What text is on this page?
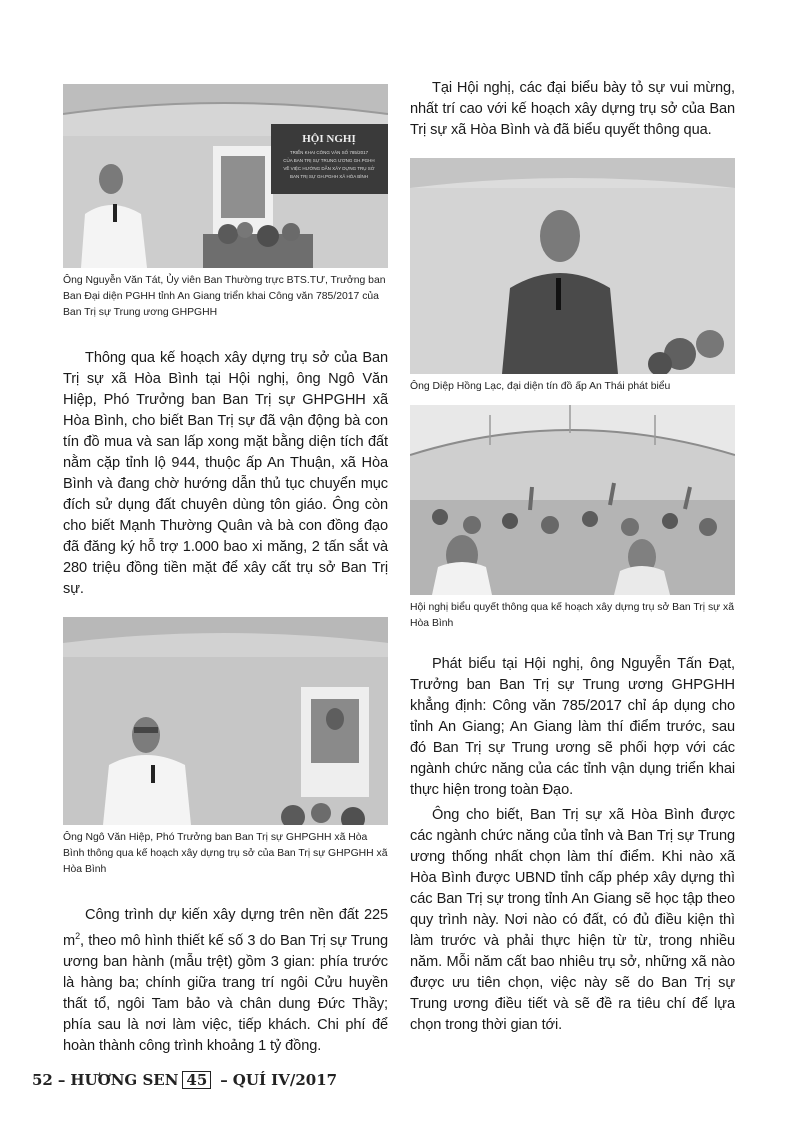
HỘI NGHỊ
TRIỂN KHAI CÔNG VĂN SỐ 785/2017
CỦA BAN TRỊ SỰ TRUNG ƯƠNG GH.PGHH
VỀ VIỆC HƯỚNG DẪN XÂY DỰNG TRỤ SỞ
BAN TRỊ SỰ GH.PGHH XÃ HÒA BÌNH

Ông Nguyễn Văn Tát, Ủy viên Ban Thường trực BTS.TƯ, Trưởng ban Ban Đại diện PGHH tỉnh An Giang triển khai Công văn 785/2017 của Ban Trị sự Trung ương GHPGHH

Thông qua kế hoạch xây dựng trụ sở của Ban Trị sự xã Hòa Bình tại Hội nghị, ông Ngô Văn Hiệp, Phó Trưởng ban Ban Trị sự GHPGHH xã Hòa Bình, cho biết Ban Trị sự đã vận động bà con tín đồ mua và san lấp xong mặt bằng diện tích đất nằm cặp tỉnh lộ 944, thuộc ấp An Thuận, xã Hòa Bình và đang chờ hướng dẫn thủ tục chuyển mục đích sử dụng đất chuyên dùng tôn giáo. Ông còn cho biết Mạnh Thường Quân và bà con đồng đạo đã đăng ký hỗ trợ 1.000 bao xi măng, 2 tấn sắt và 280 triệu đồng tiền mặt để xây cất trụ sở Ban Trị sự.

Ông Ngô Văn Hiệp, Phó Trưởng ban Ban Trị sự GHPGHH xã Hòa Bình thông qua kế hoạch xây dựng trụ sở của Ban Trị sự GHPGHH xã Hòa Bình

Công trình dự kiến xây dựng trên nền đất 225 $m^2$, theo mô hình thiết kế số 3 do Ban Trị sự Trung ương ban hành (mẫu trệt) gồm 3 gian: phía trước là hàng ba; chính giữa trang trí ngôi Cửu huyền thất tổ, ngôi Tam bảo và chân dung Đức Thầy; phía sau là nơi làm việc, tiếp khách. Chi phí để hoàn thành công trình khoảng 1 tỷ đồng.

Tại Hội nghị, các đại biểu bày tỏ sự vui mừng, nhất trí cao với kế hoạch xây dựng trụ sở của Ban Trị sự xã Hòa Bình và đã biểu quyết thông qua.

Ông Diệp Hồng Lạc, đại diện tín đồ ấp An Thái phát biểu

Hội nghị biểu quyết thông qua kế hoạch xây dựng trụ sở Ban Trị sự xã Hòa Bình

Phát biểu tại Hội nghị, ông Nguyễn Tấn Đạt, Trưởng ban Ban Trị sự Trung ương GHPGHH khẳng định: Công văn 785/2017 chỉ áp dụng cho tỉnh An Giang; An Giang làm thí điểm trước, sau đó Ban Trị sự Trung ương sẽ phối hợp với các ngành chức năng của các tỉnh vận dụng triển khai thực hiện trong toàn Đạo.

Ông cho biết, Ban Trị sự xã Hòa Bình được các ngành chức năng của tỉnh và Ban Trị sự Trung ương thống nhất chọn làm thí điểm. Khi nào xã Hòa Bình được UBND tỉnh cấp phép xây dựng thì các Ban Trị sự trong tỉnh An Giang sẽ học tập theo quy trình này. Nơi nào có đất, có đủ điều kiện thì làm trước và phải thực hiện từ từ, trong nhiều năm. Mỗi năm cất bao nhiêu trụ sở, những xã nào được ưu tiên chọn, việc này sẽ do Ban Trị sự Trung ương điều tiết và sẽ đề ra tiêu chí để lựa chọn trong thời gian tới.

52 – HƯƠNG SEN 45 – QUÍ IV/2017
